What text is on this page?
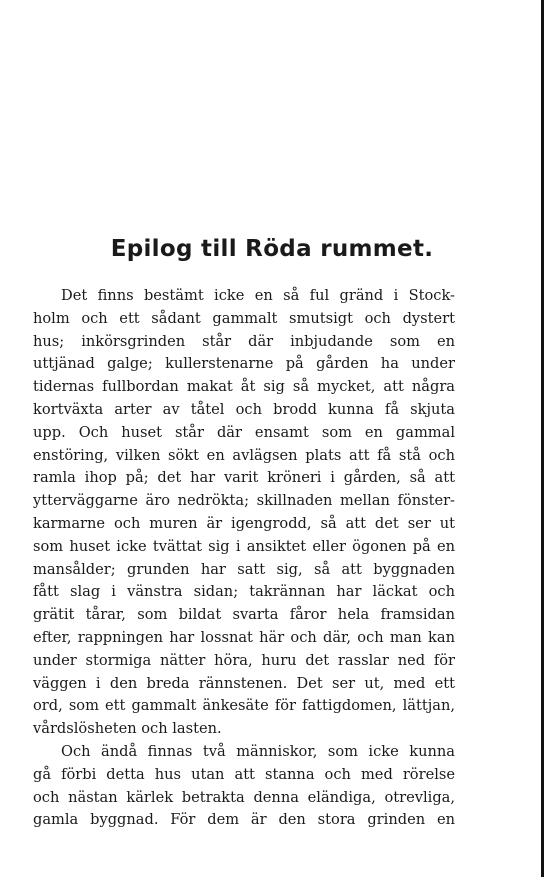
Epilog till Röda rummet.
Det finns bestämt icke en så ful gränd i Stock-
holm och ett sådant gammalt smutsigt och dystert
hus; inkörsgrinden står där inbjudande som en
uttjänad galge; kullerstenarne på gården ha under
tidernas fullbordan makat åt sig så mycket, att några
kortväxta arter av tåtel och brodd kunna få skjuta
upp. Och huset står där ensamt som en gammal
enstöring, vilken sökt en avlägsen plats att få stå och
ramla ihop på; det har varit kröneri i gården, så att
ytterväggarne äro nedrökta; skillnaden mellan fönster-
karmarne och muren är igengrodd, så att det ser ut
som huset icke tvättat sig i ansiktet eller ögonen på en
mansålder; grunden har satt sig, så att byggnaden
fått slag i vänstra sidan; takrännan har läckat och
grätit tårar, som bildat svarta fåror hela framsidan
efter, rappningen har lossnat här och där, och man kan
under stormiga nätter höra, huru det rasslar ned för
väggen i den breda rännstenen. Det ser ut, med ett
ord, som ett gammalt änkesäte för fattigdomen, lättjan,
vårdslösheten och lasten.
Och ändå finnas två människor, som icke kunna
gå förbi detta hus utan att stanna och med rörelse
och nästan kärlek betrakta denna eländiga, otrevliga,
gamla byggnad. För dem är den stora grinden en
